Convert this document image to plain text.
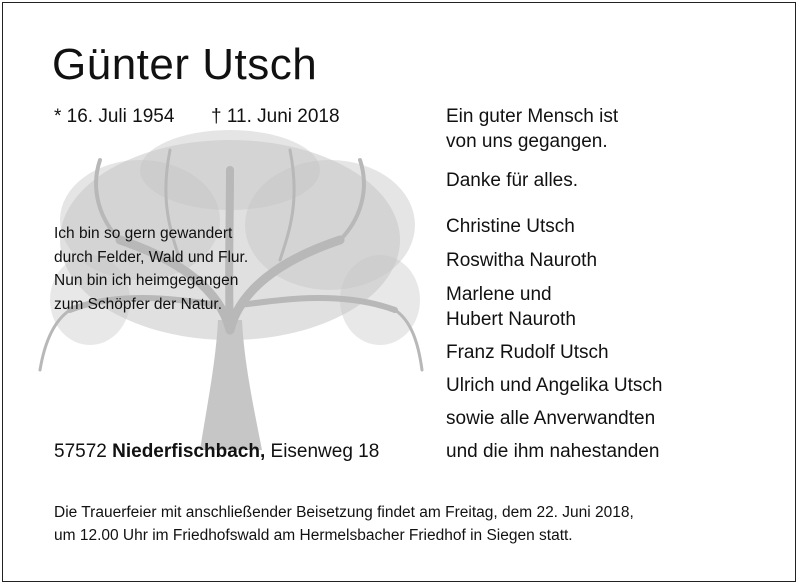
Günter Utsch
* 16. Juli 1954 † 11. Juni 2018
Ich bin so gern gewandert
durch Felder, Wald und Flur.
Nun bin ich heimgegangen
zum Schöpfer der Natur.
57572 Niederfischbach, Eisenweg 18
Ein guter Mensch ist
von uns gegangen.
Danke für alles.
Christine Utsch
Roswitha Nauroth
Marlene und
Hubert Nauroth
Franz Rudolf Utsch
Ulrich und Angelika Utsch
sowie alle Anverwandten
und die ihm nahestanden
Die Trauerfeier mit anschließender Beisetzung findet am Freitag, dem 22. Juni 2018,
um 12.00 Uhr im Friedhofswald am Hermelsbacher Friedhof in Siegen statt.
